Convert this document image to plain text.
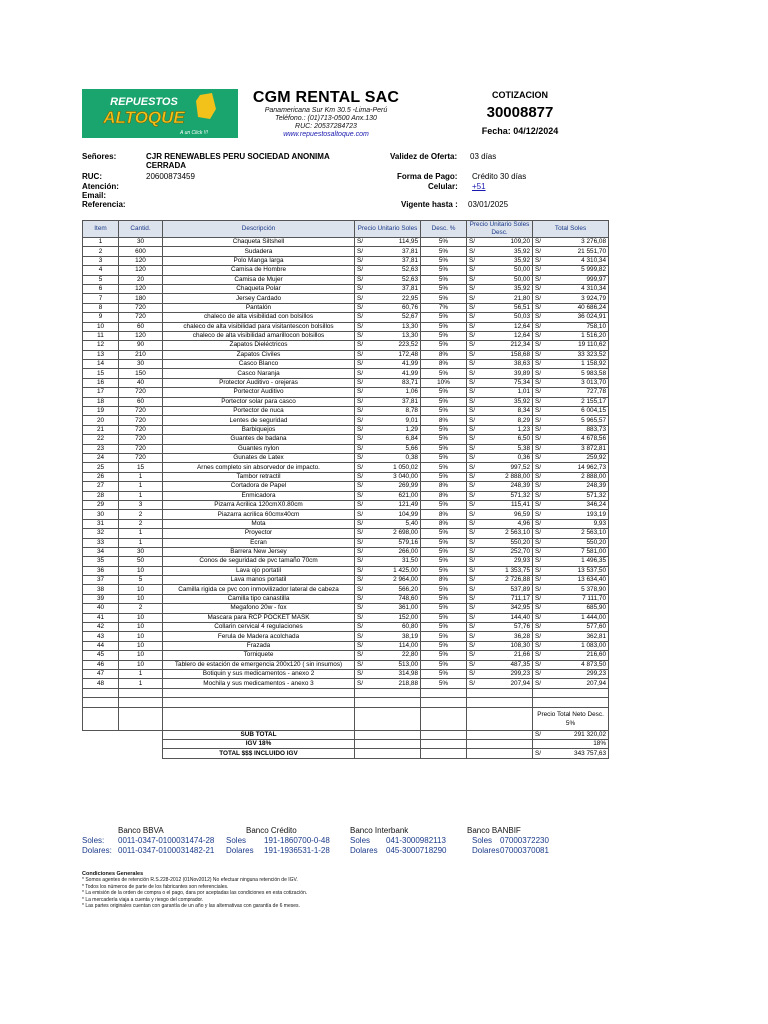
REPUESTOS
ALTOQUE
A un Click !!!
CGM RENTAL SAC
Panamericana Sur Km 30.5 -Lima-Perú
Teléfono.: (01)713-0500 Anx.130
RUC: 20537284723
www.repuestosaltoque.com
COTIZACION
30008877
Fecha: 04/12/2024
Señores:	CJR RENEWABLES PERU SOCIEDAD ANONIMA CERRADA
RUC:	20600873459
Atención:
Email:
Referencia:
Validez de Oferta: 03 días
Forma de Pago: Crédito 30 días
Celular: +51
Vigente hasta : 03/01/2025
Item	Cantid.	Descripción	Precio Unitario Soles		Desc. %	Precio Unitario Soles Desc.		Total Soles	
1	30	Chaqueta Siltshell	S/	114,95	5%	S/	109,20	S/	3 276,08
2	600	Sudadera	S/	37,81	5%	S/	35,92	S/	21 551,70
3	120	Polo Manga larga	S/	37,81	5%	S/	35,92	S/	4 310,34
4	120	Camisa de Hombre	S/	52,63	5%	S/	50,00	S/	5 999,82
5	20	Camisa de Mujer	S/	52,63	5%	S/	50,00	S/	999,97
6	120	Chaqueta Polar	S/	37,81	5%	S/	35,92	S/	4 310,34
7	180	Jersey Cardado	S/	22,95	5%	S/	21,80	S/	3 924,79
8	720	Pantalón	S/	60,76	7%	S/	56,51	S/	40 686,24
9	720	chaleco de alta visibilidad con bolsillos	S/	52,67	5%	S/	50,03	S/	36 024,91
10	60	chaleco de alta visibilidad para visitantescon bolsillos	S/	13,30	5%	S/	12,64	S/	758,10
11	120	chaleco de alta visibilidad amarillocon bolsillos	S/	13,30	5%	S/	12,64	S/	1 516,20
12	90	Zapatos Dieléctricos	S/	223,52	5%	S/	212,34	S/	19 110,62
13	210	Zapatos Civiles	S/	172,48	8%	S/	158,68	S/	33 323,52
14	30	Casco Blanco	S/	41,99	8%	S/	38,63	S/	1 158,92
15	150	Casco Naranja	S/	41,99	5%	S/	39,89	S/	5 983,58
16	40	Protector Auditivo - orejeras	S/	83,71	10%	S/	75,34	S/	3 013,70
17	720	Portector Auditivo	S/	1,06	5%	S/	1,01	S/	727,78
18	60	Portector solar para casco	S/	37,81	5%	S/	35,92	S/	2 155,17
19	720	Portector de nuca	S/	8,78	5%	S/	8,34	S/	6 004,15
20	720	Lentes de seguridad	S/	9,01	8%	S/	8,29	S/	5 965,57
21	720	Barbiquejos	S/	1,29	5%	S/	1,23	S/	883,73
22	720	Guantes de badana	S/	6,84	5%	S/	6,50	S/	4 678,56
23	720	Guantes nylon	S/	5,66	5%	S/	5,38	S/	3 872,81
24	720	Gunates de Latex	S/	0,38	5%	S/	0,36	S/	259,92
25	15	Arnes completo sin absorvedor de impacto.	S/	1 050,02	5%	S/	997,52	S/	14 962,73
26	1	Tambor retractil	S/	3 040,00	5%	S/	2 888,00	S/	2 888,00
27	1	Cortadora de Papel	S/	269,99	8%	S/	248,39	S/	248,39
28	1	Enmicadora	S/	621,00	8%	S/	571,32	S/	571,32
29	3	Pizarra Acrilica 120cmX0.80cm	S/	121,49	5%	S/	115,41	S/	346,24
30	2	Piazarra acrilica 60cmx40cm	S/	104,99	8%	S/	96,59	S/	193,19
31	2	Mota	S/	5,40	8%	S/	4,96	S/	9,93
32	1	Proyector	S/	2 698,00	5%	S/	2 563,10	S/	2 563,10
33	1	Ecran	S/	579,16	5%	S/	550,20	S/	550,20
34	30	Barrera New Jersey	S/	266,00	5%	S/	252,70	S/	7 581,00
35	50	Conos de seguridad de pvc tamaño 70cm	S/	31,50	5%	S/	29,93	S/	1 496,35
36	10	Lava ojo portatil	S/	1 425,00	5%	S/	1 353,75	S/	13 537,50
37	5	Lava manos portatil	S/	2 964,00	8%	S/	2 726,88	S/	13 634,40
38	10	Camilla rigida ce pvc con inmovilizador lateral de cabeza	S/	566,20	5%	S/	537,89	S/	5 378,90
39	10	Camilla tipo canastilla	S/	748,60	5%	S/	711,17	S/	7 111,70
40	2	Megafono 20w - fox	S/	361,00	5%	S/	342,95	S/	685,90
41	10	Mascara para RCP POCKET MASK	S/	152,00	5%	S/	144,40	S/	1 444,00
42	10	Collarin cervical 4 regulaciones	S/	60,80	5%	S/	57,76	S/	577,60
43	10	Ferula de Madera acolchada	S/	38,19	5%	S/	36,28	S/	362,81
44	10	Frazada	S/	114,00	5%	S/	108,30	S/	1 083,00
45	10	Torniquete	S/	22,80	5%	S/	21,66	S/	216,60
46	10	Tablero de estación de emergencia 200x120 ( sin insumos)	S/	513,00	5%	S/	487,35	S/	4 873,50
47	1	Botiquin y sus medicamentos - anexo 2	S/	314,98	5%	S/	299,23	S/	299,23
48	1	Mochila y sus medicamentos - anexo 3	S/	218,88	5%	S/	207,94	S/	207,94

								Precio Total Neto Desc. 5%	
		SUB TOTAL						S/	291 320,02
		IGV 18%						18%	
		TOTAL $$$ INCLUIDO IGV						S/	343 757,63
Banco BBVA
Soles: 0011-0347-0100031474-28
Dolares: 0011-0347-0100031482-21
Banco Crédito
Soles 191-1860700-0-48
Dolares 191-1936531-1-28
Banco Interbank
Soles 041-3000982113
Dolares 045-3000718290
Banco BANBIF
Soles 07000372230
Dolares07000370081
Condiciones Generales
* Somos agentes de retención R.S.228-2012 (01Nov2012) No efectuar ninguna retención de IGV.
* Todos los números de parte de los fabricantes son referenciales.
* La emisión de la orden de compra o el pago, dara por aceptadas las condiciones en esta cotización.
* La mercadería viaja a cuenta y riesgo del comprador.
* Las partes originales cuentan con garantía de un año y las alternativas con garantía de 6 meses.
